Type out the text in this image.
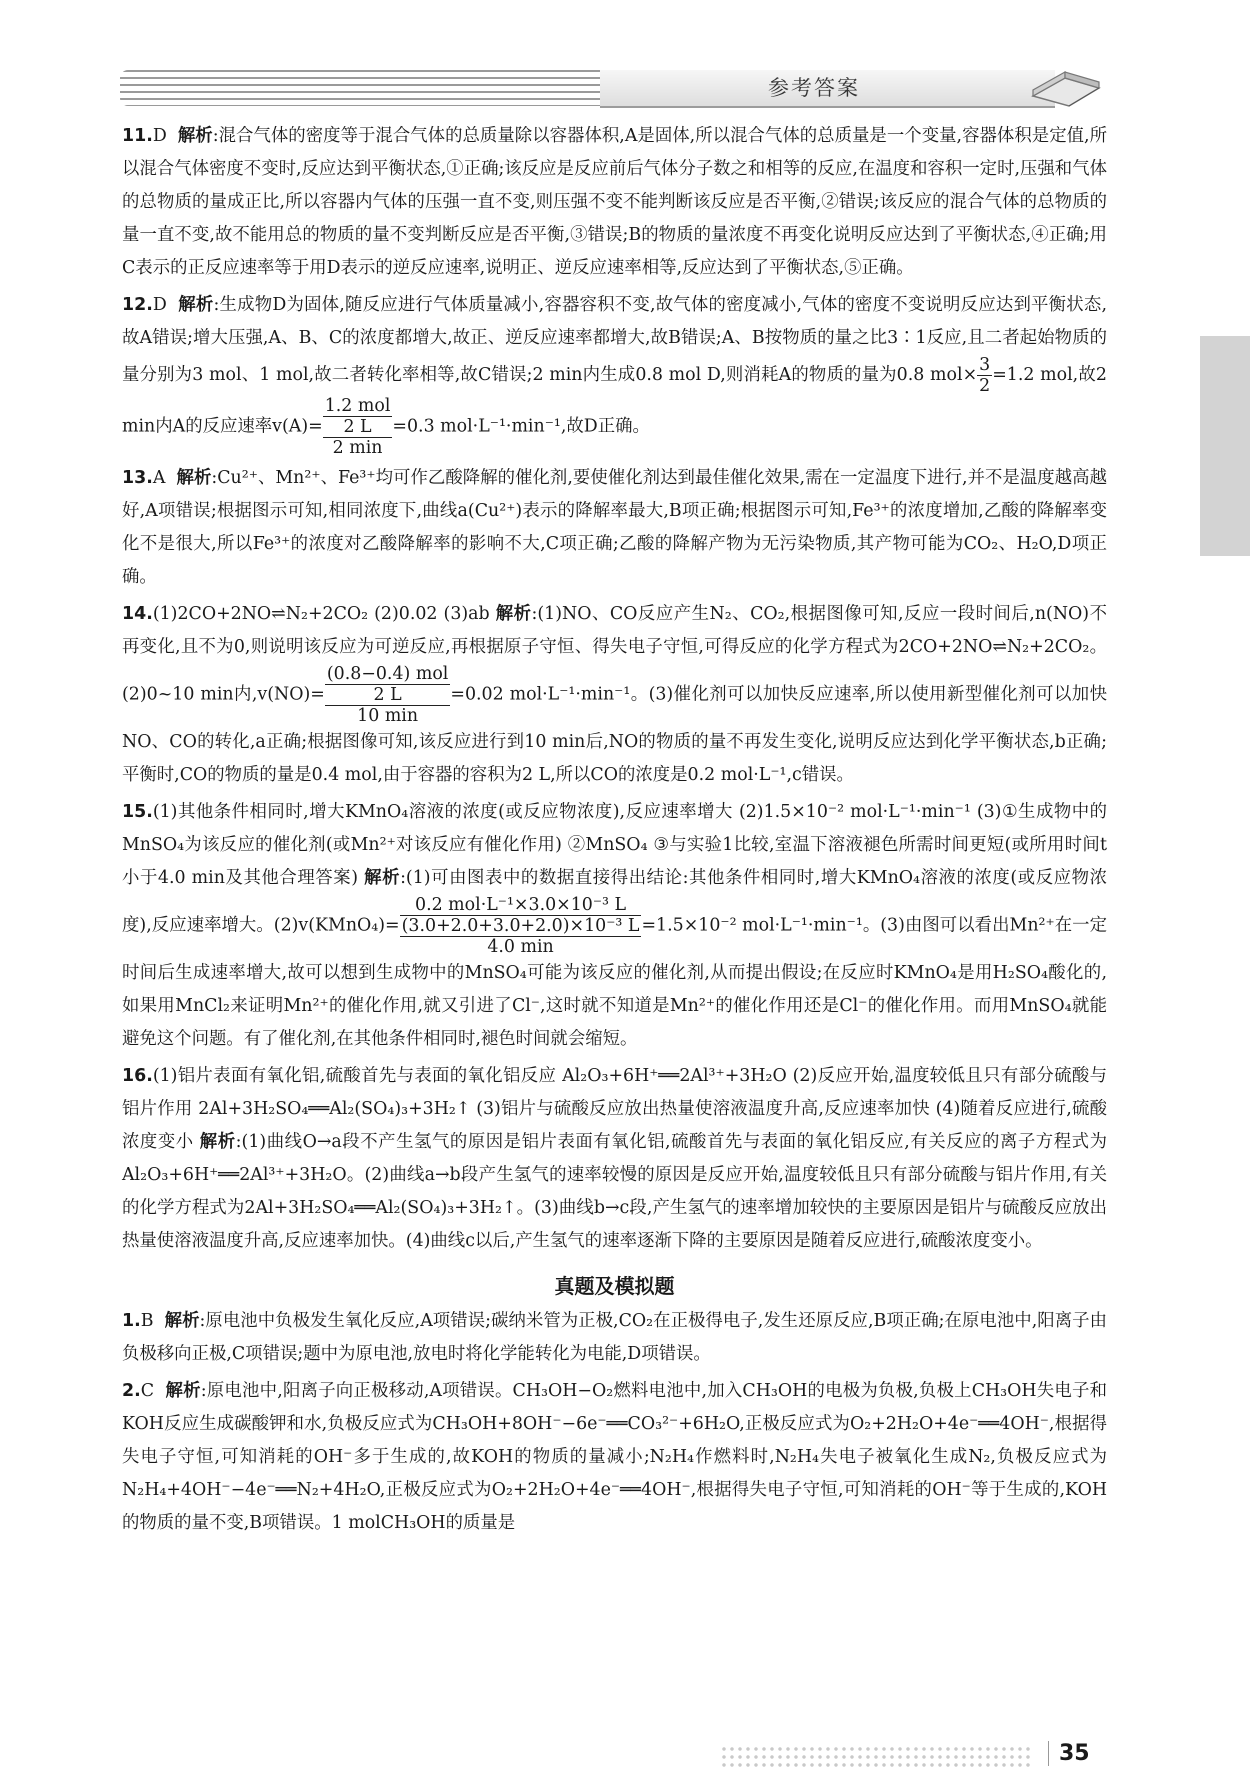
参考答案

11.D 解析:混合气体的密度等于混合气体的总质量除以容器体积,A是固体,所以混合气体的总质量是一个变量,容器体积是定值,所以混合气体密度不变时,反应达到平衡状态,①正确;该反应是反应前后气体分子数之和相等的反应,在温度和容积一定时,压强和气体的总物质的量成正比,所以容器内气体的压强一直不变,则压强不变不能判断该反应是否平衡,②错误;该反应的混合气体的总物质的量一直不变,故不能用总的物质的量不变判断反应是否平衡,③错误;B的物质的量浓度不再变化说明反应达到了平衡状态,④正确;用C表示的正反应速率等于用D表示的逆反应速率,说明正、逆反应速率相等,反应达到了平衡状态,⑤正确。

12.D 解析:生成物D为固体,随反应进行气体质量减小,容器容积不变,故气体的密度减小,气体的密度不变说明反应达到平衡状态,故A错误;增大压强,A、B、C的浓度都增大,故正、逆反应速率都增大,故B错误;A、B按物质的量之比3∶1反应,且二者起始物质的量分别为3 mol、1 mol,故二者转化率相等,故C错误;2 min内生成0.8 mol D,则消耗A的物质的量为0.8 $mol\times \frac{3}{2} =1.2$ mol,故2 min内A的反应速率v(A)=
1.2 mol
2 L
2 min
=0.3 mol·L⁻¹·min⁻¹,故D正确。

13.A 解析:Cu²⁺、Mn²⁺、Fe³⁺均可作乙酸降解的催化剂,要使催化剂达到最佳催化效果,需在一定温度下进行,并不是温度越高越好,A项错误;根据图示可知,相同浓度下,曲线a(Cu²⁺)表示的降解率最大,B项正确;根据图示可知,Fe³⁺的浓度增加,乙酸的降解率变化不是很大,所以Fe³⁺的浓度对乙酸降解率的影响不大,C项正确;乙酸的降解产物为无污染物质,其产物可能为CO₂、H₂O,D项正确。

14.(1)2CO+2NO⇌N₂+2CO₂ (2)0.02 (3)ab 解析:(1)NO、CO反应产生N₂、CO₂,根据图像可知,反应一段时间后,n(NO)不再变化,且不为0,则说明该反应为可逆反应,再根据原子守恒、得失电子守恒,可得反应的化学方程式为2CO+2NO⇌N₂+2CO₂。(2)0~10 min内,v(NO)=
(0.8−0.4) mol
2 L
10 min
=0.02 mol·L⁻¹·min⁻¹。(3)催化剂可以加快反应速率,所以使用新型催化剂可以加快NO、CO的转化,a正确;根据图像可知,该反应进行到10 min后,NO的物质的量不再发生变化,说明反应达到化学平衡状态,b正确;平衡时,CO的物质的量是0.4 mol,由于容器的容积为2 L,所以CO的浓度是0.2 mol·L⁻¹,c错误。

15.(1)其他条件相同时,增大KMnO₄溶液的浓度(或反应物浓度),反应速率增大 (2)1.5×10⁻² mol·L⁻¹·min⁻¹ (3)①生成物中的MnSO₄为该反应的催化剂(或Mn²⁺对该反应有催化作用) ②MnSO₄ ③与实验1比较,室温下溶液褪色所需时间更短(或所用时间t小于4.0 min及其他合理答案) 解析:(1)可由图表中的数据直接得出结论:其他条件相同时,增大KMnO₄溶液的浓度(或反应物浓度),反应速率增大。(2)v(KMnO₄)=
0.2 mol·L⁻¹×3.0×10⁻³ L
(3.0+2.0+3.0+2.0)×10⁻³ L
4.0 min
=1.5×10⁻² mol·L⁻¹·min⁻¹。(3)由图可以看出Mn²⁺在一定时间后生成速率增大,故可以想到生成物中的MnSO₄可能为该反应的催化剂,从而提出假设;在反应时KMnO₄是用H₂SO₄酸化的,如果用MnCl₂来证明Mn²⁺的催化作用,就又引进了Cl⁻,这时就不知道是Mn²⁺的催化作用还是Cl⁻的催化作用。而用MnSO₄就能避免这个问题。有了催化剂,在其他条件相同时,褪色时间就会缩短。

16.(1)铝片表面有氧化铝,硫酸首先与表面的氧化铝反应 Al₂O₃+6H⁺══2Al³⁺+3H₂O (2)反应开始,温度较低且只有部分硫酸与铝片作用 2Al+3H₂SO₄══Al₂(SO₄)₃+3H₂↑ (3)铝片与硫酸反应放出热量使溶液温度升高,反应速率加快 (4)随着反应进行,硫酸浓度变小 解析:(1)曲线O→a段不产生氢气的原因是铝片表面有氧化铝,硫酸首先与表面的氧化铝反应,有关反应的离子方程式为Al₂O₃+6H⁺══2Al³⁺+3H₂O。(2)曲线a→b段产生氢气的速率较慢的原因是反应开始,温度较低且只有部分硫酸与铝片作用,有关的化学方程式为2Al+3H₂SO₄══Al₂(SO₄)₃+3H₂↑。(3)曲线b→c段,产生氢气的速率增加较快的主要原因是铝片与硫酸反应放出热量使溶液温度升高,反应速率加快。(4)曲线c以后,产生氢气的速率逐渐下降的主要原因是随着反应进行,硫酸浓度变小。

真题及模拟题

1.B 解析:原电池中负极发生氧化反应,A项错误;碳纳米管为正极,CO₂在正极得电子,发生还原反应,B项正确;在原电池中,阳离子由负极移向正极,C项错误;题中为原电池,放电时将化学能转化为电能,D项错误。

2.C 解析:原电池中,阳离子向正极移动,A项错误。CH₃OH−O₂燃料电池中,加入CH₃OH的电极为负极,负极上CH₃OH失电子和KOH反应生成碳酸钾和水,负极反应式为CH₃OH+8OH⁻−6e⁻══CO₃²⁻+6H₂O,正极反应式为O₂+2H₂O+4e⁻══4OH⁻,根据得失电子守恒,可知消耗的OH⁻多于生成的,故KOH的物质的量减小;N₂H₄作燃料时,N₂H₄失电子被氧化生成N₂,负极反应式为N₂H₄+4OH⁻−4e⁻══N₂+4H₂O,正极反应式为O₂+2H₂O+4e⁻══4OH⁻,根据得失电子守恒,可知消耗的OH⁻等于生成的,KOH的物质的量不变,B项错误。1 molCH₃OH的质量是

35
